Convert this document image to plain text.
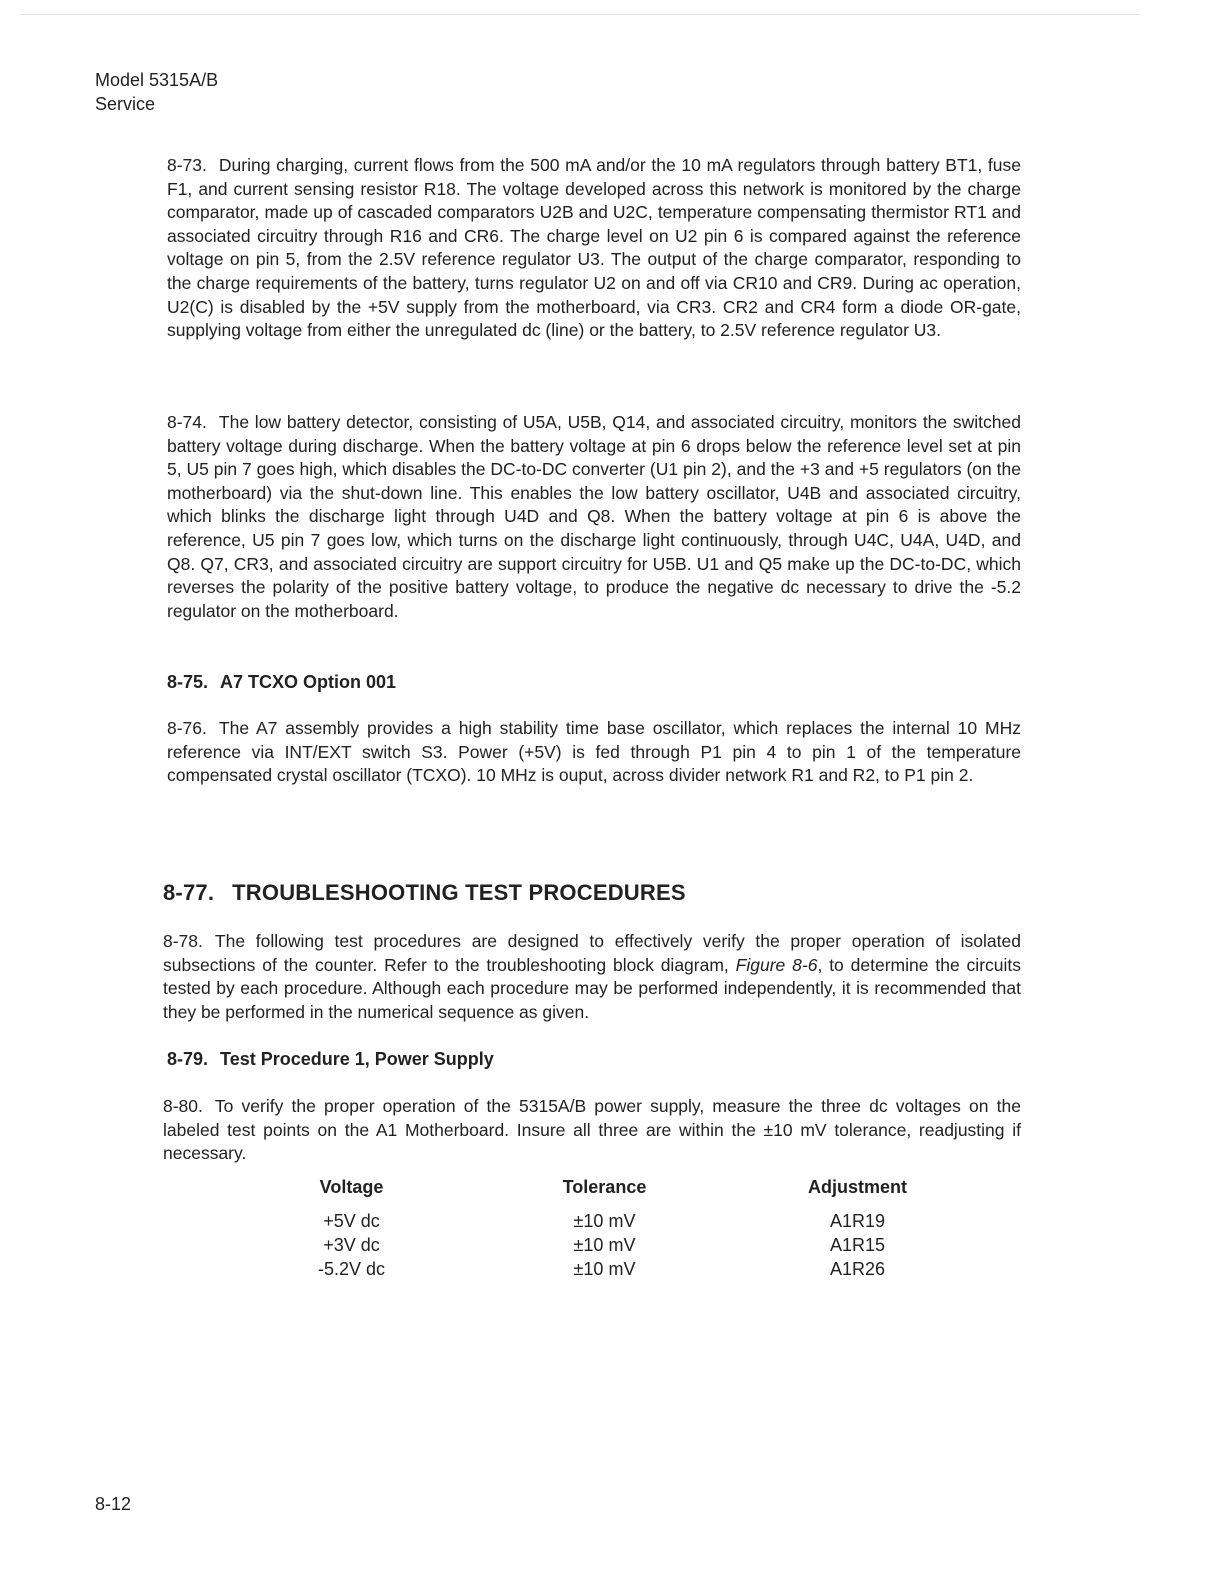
Model 5315A/B
Service

8-73. During charging, current flows from the 500 mA and/or the 10 mA regulators through battery BT1, fuse F1, and current sensing resistor R18. The voltage developed across this network is monitored by the charge comparator, made up of cascaded comparators U2B and U2C, temperature compensating thermistor RT1 and associated circuitry through R16 and CR6. The charge level on U2 pin 6 is compared against the reference voltage on pin 5, from the 2.5V reference regulator U3. The output of the charge comparator, responding to the charge requirements of the battery, turns regulator U2 on and off via CR10 and CR9. During ac operation, U2(C) is disabled by the +5V supply from the motherboard, via CR3. CR2 and CR4 form a diode OR-gate, supplying voltage from either the unregulated dc (line) or the battery, to 2.5V reference regulator U3.

8-74. The low battery detector, consisting of U5A, U5B, Q14, and associated circuitry, monitors the switched battery voltage during discharge. When the battery voltage at pin 6 drops below the reference level set at pin 5, U5 pin 7 goes high, which disables the DC-to-DC converter (U1 pin 2), and the +3 and +5 regulators (on the motherboard) via the shut-down line. This enables the low battery oscillator, U4B and associated circuitry, which blinks the discharge light through U4D and Q8. When the battery voltage at pin 6 is above the reference, U5 pin 7 goes low, which turns on the discharge light continuously, through U4C, U4A, U4D, and Q8. Q7, CR3, and associated circuitry are support circuitry for U5B. U1 and Q5 make up the DC-to-DC, which reverses the polarity of the positive battery voltage, to produce the negative dc necessary to drive the -5.2 regulator on the motherboard.

8-75. A7 TCXO Option 001

8-76. The A7 assembly provides a high stability time base oscillator, which replaces the internal 10 MHz reference via INT/EXT switch S3. Power (+5V) is fed through P1 pin 4 to pin 1 of the temperature compensated crystal oscillator (TCXO). 10 MHz is ouput, across divider network R1 and R2, to P1 pin 2.

8-77. TROUBLESHOOTING TEST PROCEDURES

8-78. The following test procedures are designed to effectively verify the proper operation of isolated subsections of the counter. Refer to the troubleshooting block diagram, Figure 8-6, to determine the circuits tested by each procedure. Although each procedure may be performed independently, it is recommended that they be performed in the numerical sequence as given.

8-79. Test Procedure 1, Power Supply

8-80. To verify the proper operation of the 5315A/B power supply, measure the three dc voltages on the labeled test points on the A1 Motherboard. Insure all three are within the ±10 mV tolerance, readjusting if necessary.

Voltage	Tolerance	Adjustment
+5V dc	±10 mV	A1R19
+3V dc	±10 mV	A1R15
-5.2V dc	±10 mV	A1R26
8-12
